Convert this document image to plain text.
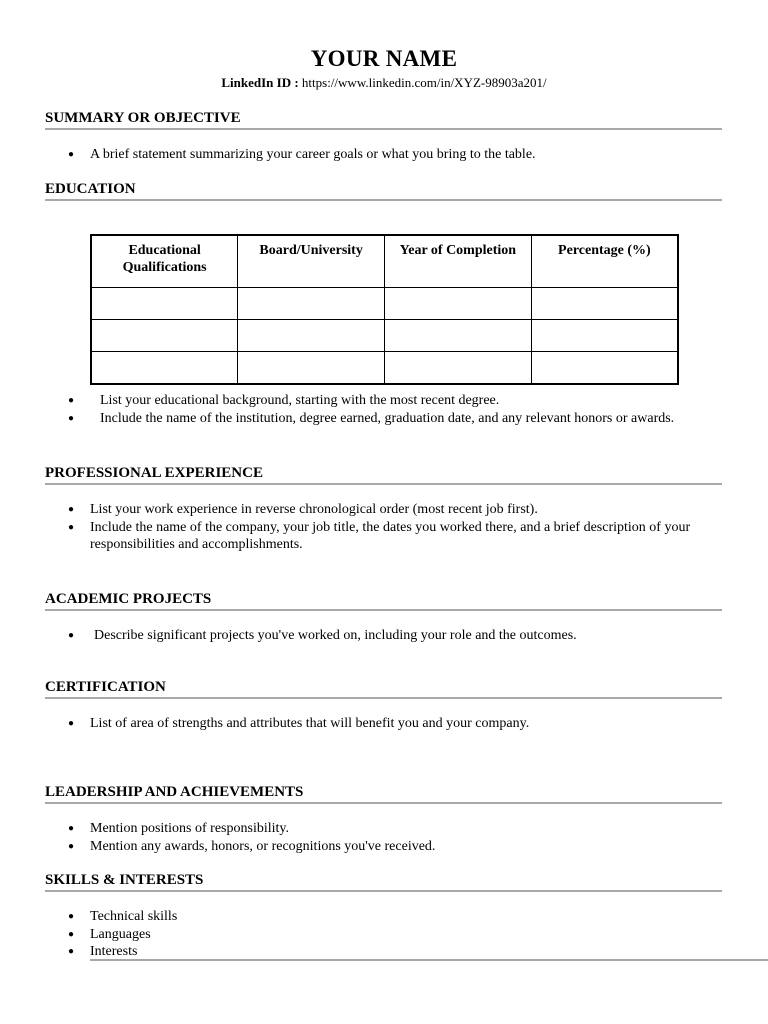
YOUR NAME
LinkedIn ID : https://www.linkedin.com/in/XYZ-98903a201/
SUMMARY OR OBJECTIVE
● A brief statement summarizing your career goals or what you bring to the table.
EDUCATION
Educational Qualifications	Board/University	Year of Completion	Percentage (%)

● List your educational background, starting with the most recent degree.
● Include the name of the institution, degree earned, graduation date, and any relevant honors or awards.
PROFESSIONAL EXPERIENCE
● List your work experience in reverse chronological order (most recent job first).
● Include the name of the company, your job title, the dates you worked there, and a brief description of your responsibilities and accomplishments.
ACADEMIC PROJECTS
● Describe significant projects you've worked on, including your role and the outcomes.
CERTIFICATION
● List of area of strengths and attributes that will benefit you and your company.
LEADERSHIP AND ACHIEVEMENTS
● Mention positions of responsibility.
● Mention any awards, honors, or recognitions you've received.
SKILLS & INTERESTS
● Technical skills
● Languages
● Interests
